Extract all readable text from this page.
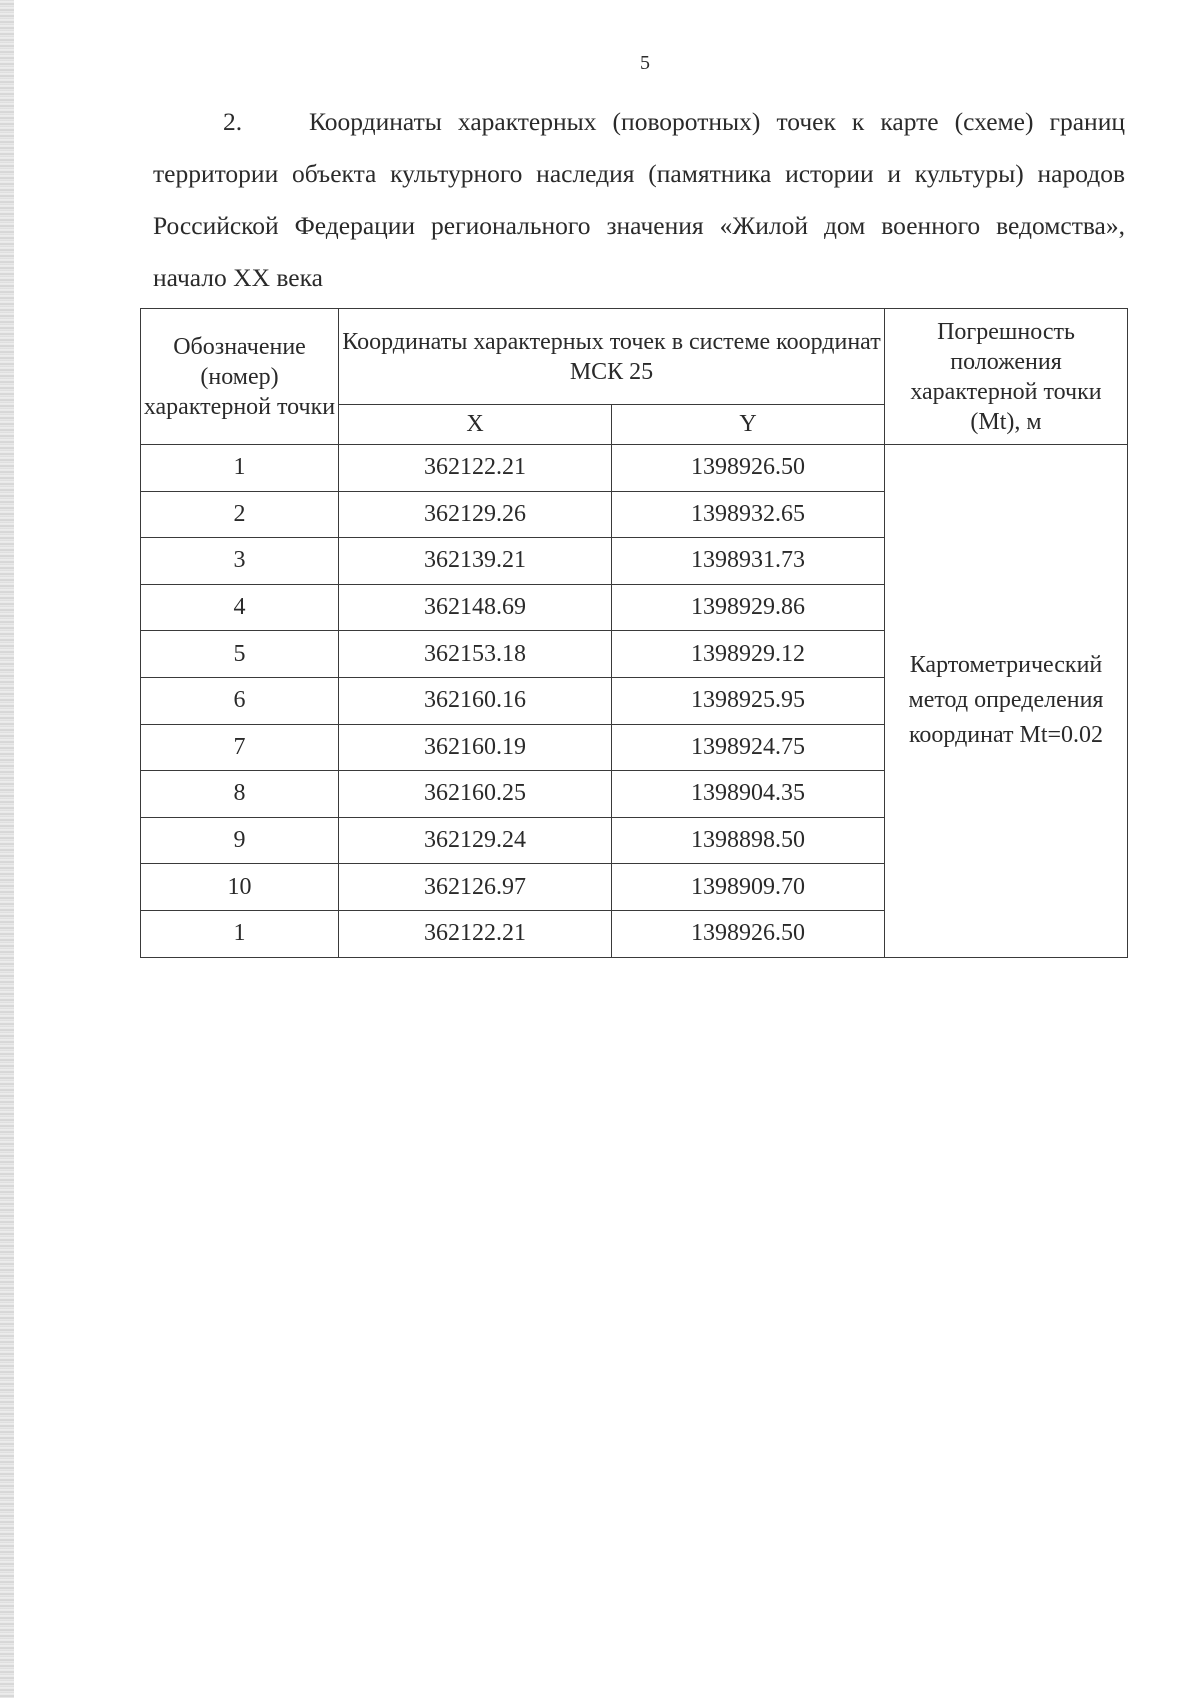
5

2.	Координаты характерных (поворотных) точек к карте (схеме) границ территории объекта культурного наследия (памятника истории и культуры) народов Российской Федерации регионального значения «Жилой дом военного ведомства», начало XX века

Обозначение (номер) характерной точки	Координаты характерных точек в системе координат МСК 25		Погрешность положения характерной точки (Mt), м
	X	Y	
1	362122.21	1398926.50	Картометрический метод определения координат Mt=0.02

2	362129.26	1398932.65	
3	362139.21	1398931.73	
4	362148.69	1398929.86	
5	362153.18	1398929.12	
6	362160.16	1398925.95	
7	362160.19	1398924.75	
8	362160.25	1398904.35	
9	362129.24	1398898.50	
10	362126.97	1398909.70	
1	362122.21	1398926.50	
